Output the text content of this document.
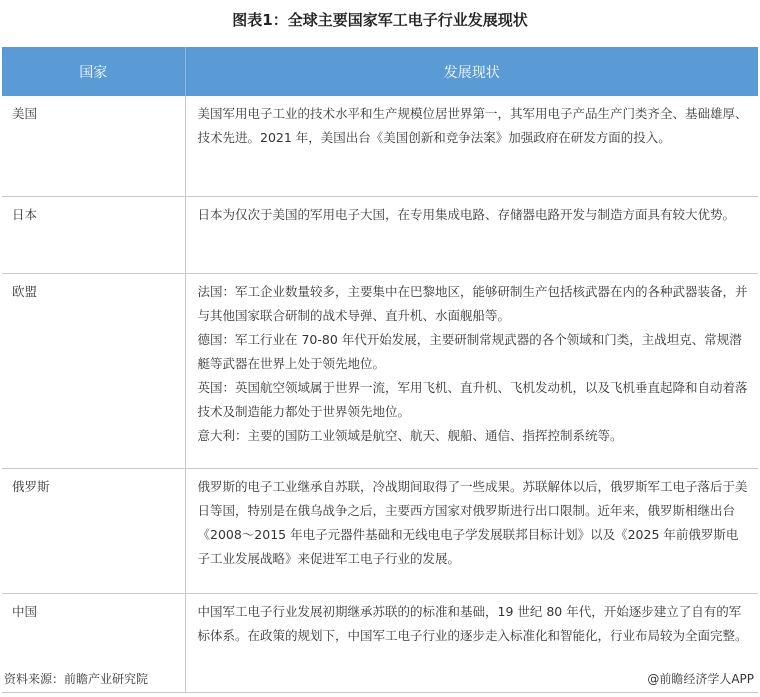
图表1：全球主要国家军工电子行业发展现状
国家	发展现状
美国	美国军用电子工业的技术水平和生产规模位居世界第一，其军用电子产品生产门类齐全、基础雄厚、技术先进。2021 年，美国出台《美国创新和竞争法案》加强政府在研发方面的投入。

日本	日本为仅次于美国的军用电子大国，在专用集成电路、存储器电路开发与制造方面具有较大优势。

欧盟	法国：军工企业数量较多，主要集中在巴黎地区，能够研制生产包括核武器在内的各种武器装备，并与其他国家联合研制的战术导弹、直升机、水面舰船等。
德国：军工行业在 70-80 年代开始发展，主要研制常规武器的各个领域和门类，主战坦克、常规潜艇等武器在世界上处于领先地位。
英国：英国航空领域属于世界一流，军用飞机、直升机、飞机发动机，以及飞机垂直起降和自动着落技术及制造能力都处于世界领先地位。
意大利：主要的国防工业领域是航空、航天、舰船、通信、指挥控制系统等。

俄罗斯	俄罗斯的电子工业继承自苏联，冷战期间取得了一些成果。苏联解体以后，俄罗斯军工电子落后于美日等国，特别是在俄乌战争之后，主要西方国家对俄罗斯进行出口限制。近年来，俄罗斯相继出台《2008～2015 年电子元器件基础和无线电电子学发展联邦目标计划》以及《2025 年前俄罗斯电子工业发展战略》来促进军工电子行业的发展。

中国	中国军工电子行业发展初期继承苏联的的标准和基础，19 世纪 80 年代，开始逐步建立了自有的军标体系。在政策的规划下，中国军工电子行业的逐步走入标准化和智能化，行业布局较为全面完整。
资料来源：前瞻产业研究院	@前瞻经济学人APP
